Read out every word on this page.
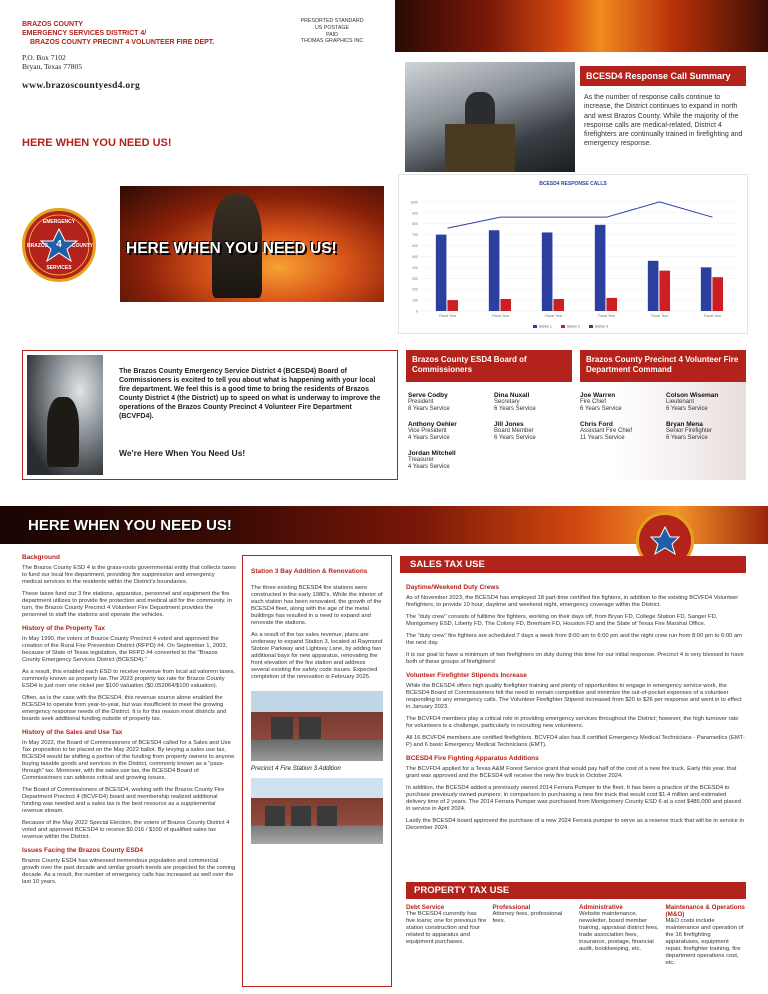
BRAZOS COUNTY
EMERGENCY SERVICES DISTRICT 4/
BRAZOS COUNTY PRECINT 4 VOLUNTEER FIRE DEPT.
P.O. Box 7102
Bryan, Texas 77805
www.brazoscountyesd4.org
PRESORTED STANDARD
US POSTAGE
PAID
THOMAS GRAPHICS INC
HERE WHEN YOU NEED US!
BCESD4 Response Call Summary
As the number of response calls continue to increase, the District continues to expand in north and west Brazos County. While the majority of the response calls are medical-related, District 4 firefighters are continually trained in firefighting and emergency response.
HERE WHEN YOU NEED US!
EMERGENCY
BRAZOS	COUNTY
SERVICES
4
BCESD4 RESPONSE CALLS
0
100
200
300
400
500
600
700
800
900
1000
Fiscal Year	Fiscal Year	Fiscal Year	Fiscal Year	Fiscal Year	Fiscal Year
Series 1	Series 2	Series 3
The Brazos County Emergency Service District 4 (BCESD4) Board of Commissioners is excited to tell you about what is happening with your local fire department. We feel this is a good time to bring the residents of Brazos County District 4 (the District) up to speed on what is underway to improve the operations of the Brazos County Precinct 4 Volunteer Fire Department (BCVFD4).
We're Here When You Need Us!
Brazos County ESD4 Board of Commissioners
Brazos County Precinct 4 Volunteer Fire Department Command
Serve Codby
President
8 Years Service
Dina Nuxall
Secretary
6 Years Service
Anthony Oehler
Vice President
4 Years Service
Jill Jones
Board Member
6 Years Service
Jordan Mitchell
Treasurer
4 Years Service
Joe Warren
Fire Chief
6 Years Service
Colson Wiseman
Lieutenant
6 Years Service
Chris Ford
Assistant Fire Chief
11 Years Service
Bryan Mena
Senior Firefighter
6 Years Service
HERE WHEN YOU NEED US!
Background

The Brazos County ESD 4 is the grass-roots governmental entity that collects taxes to fund our local fire department, providing fire suppression and emergency medical services to the residents within the District's boundaries.

These taxes fund our 3 fire stations, apparatus, personnel and equipment the fire department utilizes to provide fire protection and medical aid for the community. In turn, the Brazos County Precinct 4 Volunteer Fire Department provides the personnel to staff the stations and operate the vehicles.

History of the Property Tax

In May 1990, the voters of Brazos County Precinct 4 voted and approved the creation of the Rural Fire Prevention District (RFPD) #4. On September 1, 2003, because of State of Texas legislation, the RFPD #4 converted to the "Brazos County Emergency Services District (BCESD4)."

As a result, this enabled each ESD to receive revenue from local ad valorem taxes, commonly known as property tax.The 2023 property tax rate for Brazos County ESD4 is just over one nickel per $100 valuation ($0.052064/$100 valuation).

Often, as is the case with the BCESD4, this revenue source alone enabled the BCESD4 to operate from year-to-year, but was insufficient to meet the growing emergency response needs of the District. It is for this reason most districts and boards seek additional funding outside of property tax.

History of the Sales and Use Tax

In May 2022, the Board of Commissioners of BCESD4 called for a Sales and Use Tax proposition to be placed on the May 2022 ballot. By levying a sales use tax, BCESD4 would be shifting a portion of the funding from property owners to anyone buying taxable goods and services in the District, commonly known as a "pass-through" tax. Moreover, with the sales use tax, the BCESD4 Board of Commissioners can address critical and growing issues.

The Board of Commissioners of BCESD4, working with the Brazos County Fire Department Precinct 4 (BCVFD4) board and membership realized additional funding was needed and a sales tax is the best resource as a supplemental revenue stream.

Because of the May 2022 Special Election, the voters of Brazos County District 4 voted and approved BCESD4 to receive $0.016 / $100 of qualified sales tax revenue within the District.

Issues Facing the Brazos County ESD4

Brazos County ESD4 has witnessed tremendous population and commercial growth over the past decade and similar growth trends are projected for the coming decade. As a result, the number of emergency calls has increased as well over the last 10 years.

Station 3 Bay Addition & Renovations

The three existing BCESD4 fire stations were constructed in the early 1980's. While the interior of each station has been renovated, the growth of the BCESD4 fleet, along with the age of the metal buildings has resulted in a need to expand and renovate the stations.

As a result of the tax sales revenue, plans are underway to expand Station 3, located at Raymond Stotzer Parkway and Lightsey Lane, by adding two additional bays for new apparatus, renovating the front elevation of the fire station and address several existing fire safety code issues. Expected completion of the renovation is February 2025.

Precinct 4 Fire Station 3 Addition
SALES TAX USE
Daytime/Weekend Duty Crews

As of November 2023, the BCESD4 has employed 18 part-time certified fire fighters, in addition to the existing BCVFD4 Volunteer firefighters, to provide 10 hour, daytime and weekend night, emergency coverage within the District.

The "duty crew" consists of fulltime fire fighters, working on their days off, from Bryan FD, College Station FD, Sanger FD, Montgomery ESD, Liberty FD, The Colony FD, Brenham FD, Houston FD and the State of Texas Fire Marshal Office.

The "duty crew" fire fighters are scheduled 7 days a week from 8:00 am to 6:00 pm and the night crew run from 8:00 pm to 6:00 am the next day.

It is our goal to have a minimum of two firefighters on duty during this time for our initial response. Precinct 4 is very blessed to have both of these groups of firefighters!

Volunteer Firefighter Stipends Increase

While the BCESD4 offers high quality firefighter training and plenty of opportunities to engage in emergency service work, the BCESD4 Board of Commissioners felt the need to remain competitive and minimize the out-of-pocket expenses of a volunteer responding to any emergency calls. The Volunteer Firefighter Stipend increased from $20 to $26 per response and went in to effect in January 2023.

The BCVFD4 members play a critical role in providing emergency services throughout the District; however, the high turnover rate for volunteers is a challenge, particularly in recruiting new volunteers.

All 16 BCVFD4 members are certified firefighters. BCVFD4 also has 8 certified Emergency Medical Technicians - Paramedics (EMT-P) and 6 basic Emergency Medical Technicians (EMT).

BCESD4 Fire Fighting Apparatus Additions

The BCVFD4 applied for a Texas A&M Forest Service grant that would pay half of the cost of a new fire truck. Early this year, that grant was approved and the BCESD4 will receive the new fire truck in October 2024.

In addition, the BCESD4 added a previously owned 2014 Ferrara Pumper to the fleet. It has been a practice of the BCESD4 to purchase previously owned pumpers; in comparison to purchasing a new fire truck that would cost $1.4 million and estimated delivery time of 2 years. The 2014 Ferrara Pumper was purchased from Montgomery County ESD 6 at a cost $486,000 and placed in service in April 2024.

Lastly the BCESD4 board approved the purchase of a new 2024 Ferrara pumper to serve as a reserve truck that will be in service in December 2024.

PROPERTY TAX USE
Debt Service
The BCESD4 currently has five loans; one for previous fire station construction and four related to apparatus and equipment purchases.
Professional
Attorney fees, professional fees.
Administrative
Website maintenance, newsletter, board member training, appraisal district fees, trade association fees, insurance, postage, financial audit, bookkeeping, etc.
Maintenance & Operations (M&O)
M&O costs include maintenance and operation of the 16 firefighting apparatuses, equipment repair, firefighter training, fire department operations cost, etc.
